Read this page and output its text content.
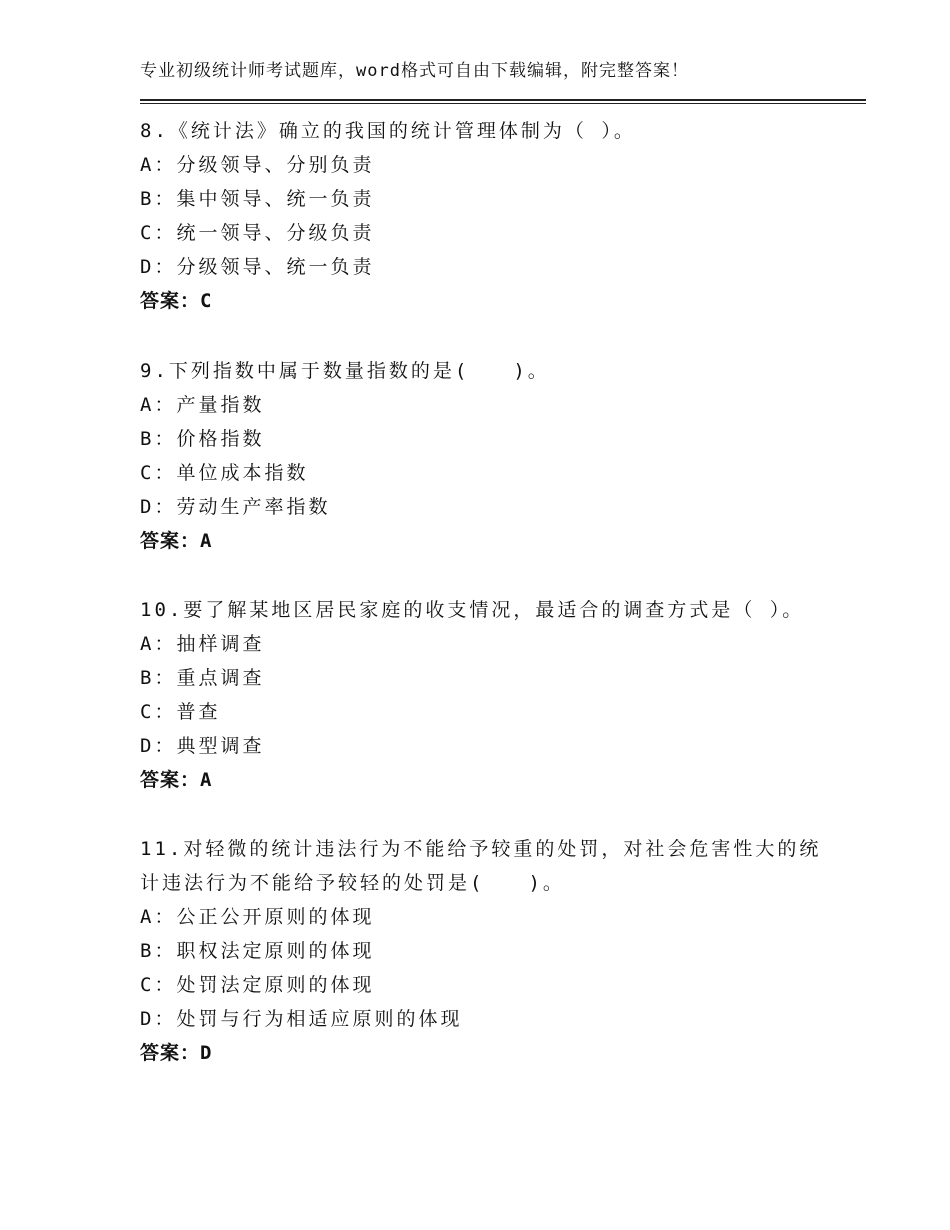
专业初级统计师考试题库，word格式可自由下载编辑，附完整答案！
8.《统计法》确立的我国的统计管理体制为（ ）。
A：分级领导、分别负责
B：集中领导、统一负责
C：统一领导、分级负责
D：分级领导、统一负责
答案：C
9.下列指数中属于数量指数的是(　　)。
A：产量指数
B：价格指数
C：单位成本指数
D：劳动生产率指数
答案：A
10.要了解某地区居民家庭的收支情况，最适合的调查方式是（ ）。
A：抽样调查
B：重点调查
C：普查
D：典型调查
答案：A
11.对轻微的统计违法行为不能给予较重的处罚，对社会危害性大的统
计违法行为不能给予较轻的处罚是(　　)。
A：公正公开原则的体现
B：职权法定原则的体现
C：处罚法定原则的体现
D：处罚与行为相适应原则的体现
答案：D
